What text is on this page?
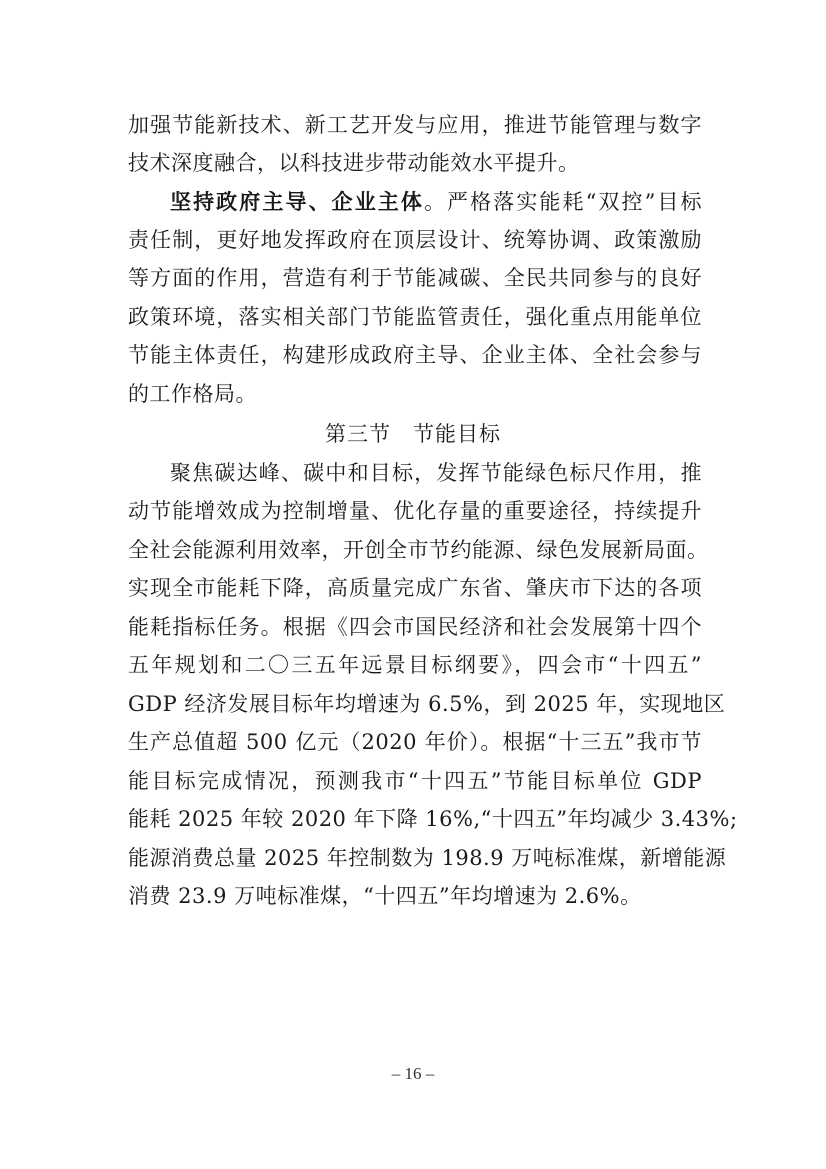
加强节能新技术、新工艺开发与应用，推进节能管理与数字
技术深度融合，以科技进步带动能效水平提升。
坚持政府主导、企业主体。严格落实能耗“双控”目标
责任制，更好地发挥政府在顶层设计、统筹协调、政策激励
等方面的作用，营造有利于节能减碳、全民共同参与的良好
政策环境，落实相关部门节能监管责任，强化重点用能单位
节能主体责任，构建形成政府主导、企业主体、全社会参与
的工作格局。
第三节　节能目标
聚焦碳达峰、碳中和目标，发挥节能绿色标尺作用，推
动节能增效成为控制增量、优化存量的重要途径，持续提升
全社会能源利用效率，开创全市节约能源、绿色发展新局面。
实现全市能耗下降，高质量完成广东省、肇庆市下达的各项
能耗指标任务。根据《四会市国民经济和社会发展第十四个
五年规划和二〇三五年远景目标纲要》，四会市“十四五”
GDP 经济发展目标年均增速为 6.5%，到 2025 年，实现地区
生产总值超 500 亿元（2020 年价）。根据“十三五”我市节
能目标完成情况，预测我市“十四五”节能目标单位 GDP
能耗 2025 年较 2020 年下降 16%,“十四五”年均减少 3.43%;
能源消费总量 2025 年控制数为 198.9 万吨标准煤，新增能源
消费 23.9 万吨标准煤，“十四五”年均增速为 2.6%。
– 16 –
